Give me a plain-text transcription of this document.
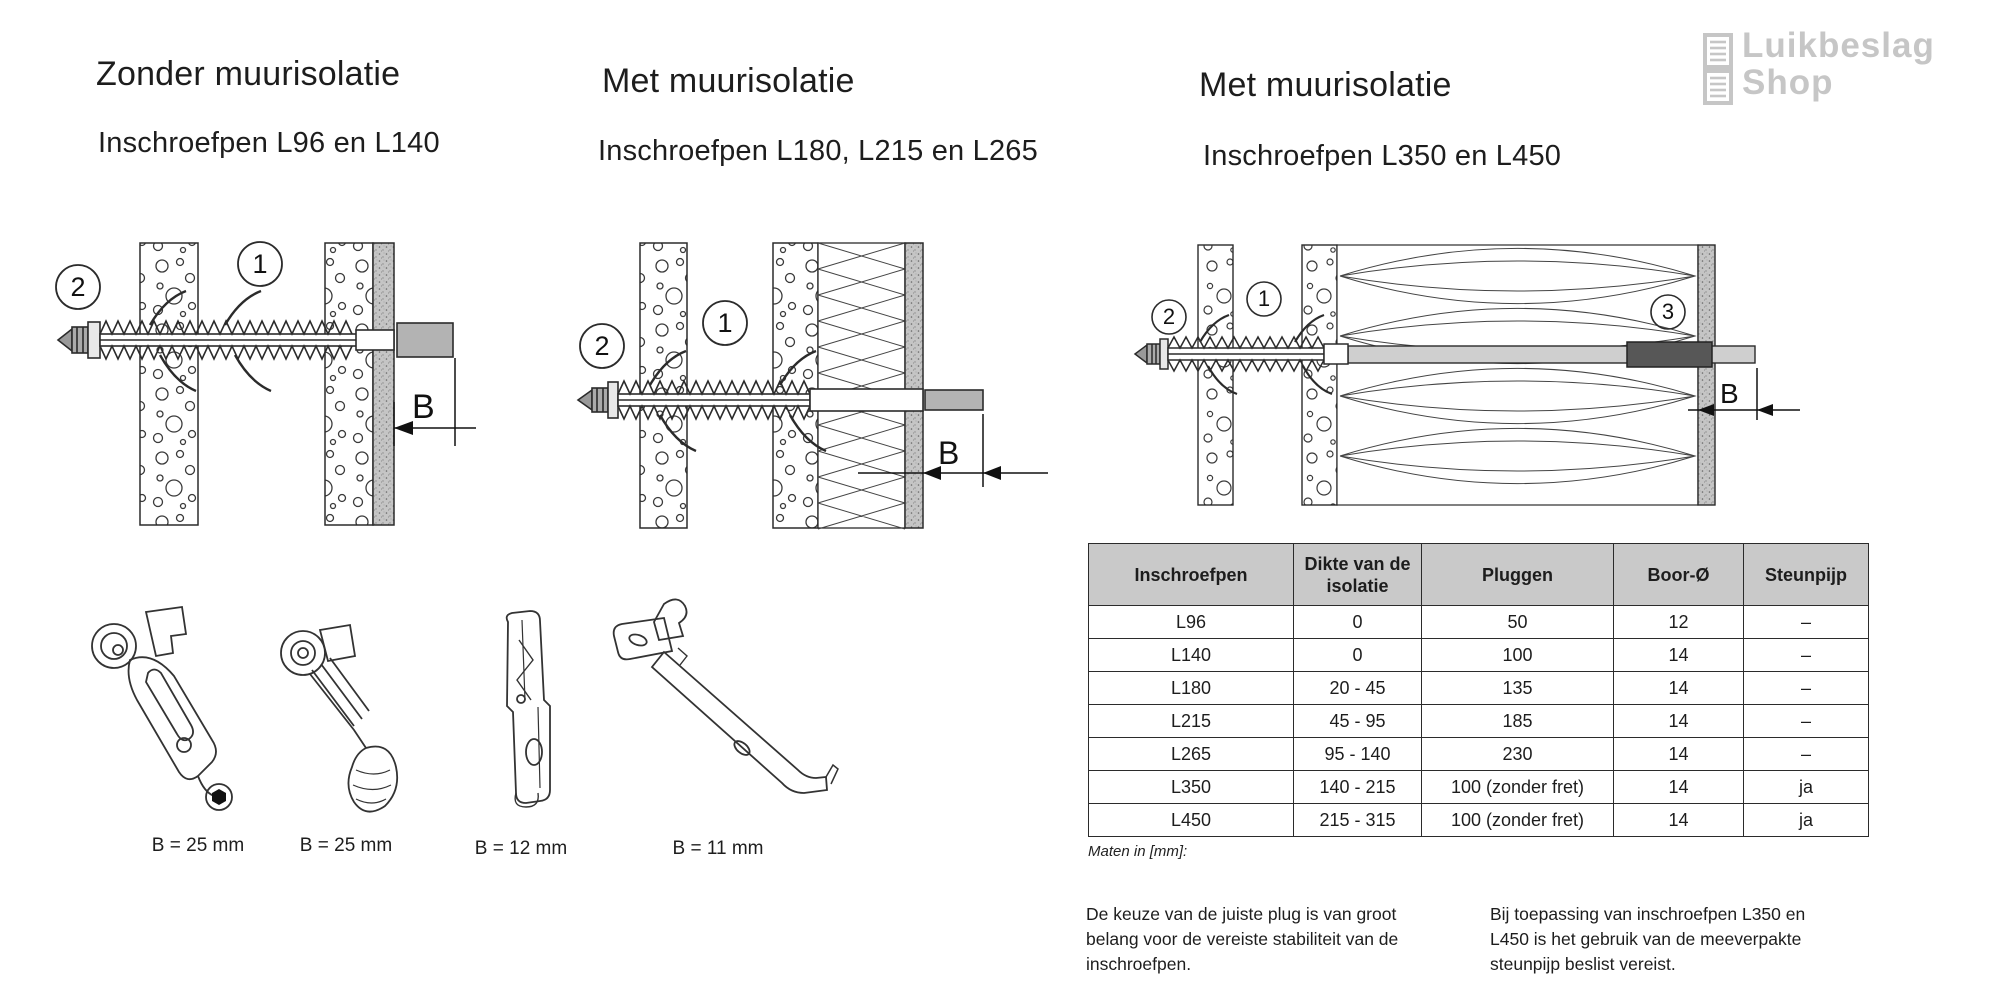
Luikbeslag
Shop
Zonder muurisolatie
Inschroefpen L96 en L140
Met muurisolatie
Inschroefpen L180, L215 en L265
Met muurisolatie
Inschroefpen L350 en L450
2
1
B
2
1
B
2
1
3
B
B = 25 mm	B = 25 mm	B = 12 mm	B = 11 mm
Inschroefpen	Dikte van de isolatie	Pluggen	Boor-Ø	Steunpijp
L96	0	50	12	–
L140	0	100	14	–
L180	20 - 45	135	14	–
L215	45 - 95	185	14	–
L265	95 - 140	230	14	–
L350	140 - 215	100 (zonder fret)	14	ja
L450	215 - 315	100 (zonder fret)	14	ja
Maten in [mm]:
De keuze van de juiste plug is van groot belang voor de vereiste stabiliteit van de inschroefpen.
Bij toepassing van inschroefpen L350 en L450 is het gebruik van de meeverpakte steunpijp beslist vereist.
